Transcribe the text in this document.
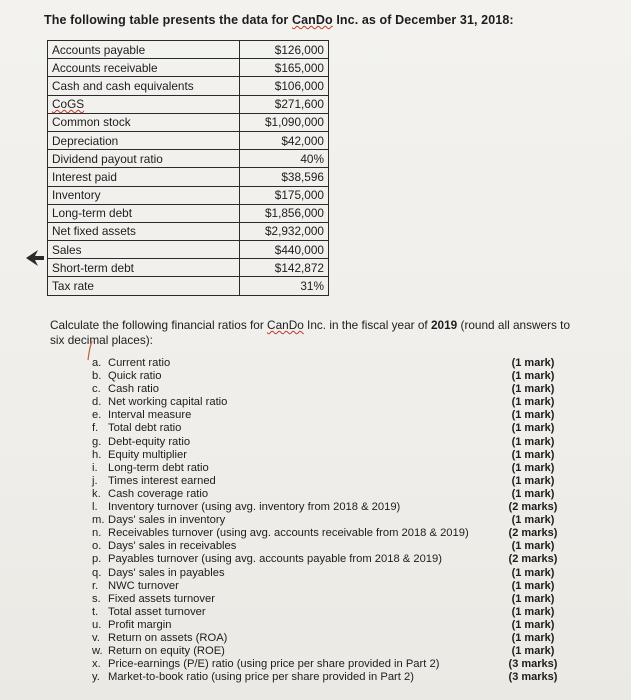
The following table presents the data for CanDo Inc. as of December 31, 2018:
Accounts payable	$126,000
Accounts receivable	$165,000
Cash and cash equivalents	$106,000
CoGS	$271,600
Common stock	$1,090,000
Depreciation	$42,000
Dividend payout ratio	40%
Interest paid	$38,596
Inventory	$175,000
Long-term debt	$1,856,000
Net fixed assets	$2,932,000
Sales	$440,000
Short-term debt	$142,872
Tax rate	31%
Calculate the following financial ratios for CanDo Inc. in the fiscal year of 2019 (round all answers to six decimal places):
a. Current ratio	(1 mark)
b. Quick ratio	(1 mark)
c. Cash ratio	(1 mark)
d. Net working capital ratio	(1 mark)
e. Interval measure	(1 mark)
f. Total debt ratio	(1 mark)
g. Debt-equity ratio	(1 mark)
h. Equity multiplier	(1 mark)
i. Long-term debt ratio	(1 mark)
j. Times interest earned	(1 mark)
k. Cash coverage ratio	(1 mark)
l. Inventory turnover (using avg. inventory from 2018 & 2019)	(2 marks)
m. Days' sales in inventory	(1 mark)
n. Receivables turnover (using avg. accounts receivable from 2018 & 2019)	(2 marks)
o. Days' sales in receivables	(1 mark)
p. Payables turnover (using avg. accounts payable from 2018 & 2019)	(2 marks)
q. Days' sales in payables	(1 mark)
r. NWC turnover	(1 mark)
s. Fixed assets turnover	(1 mark)
t. Total asset turnover	(1 mark)
u. Profit margin	(1 mark)
v. Return on assets (ROA)	(1 mark)
w. Return on equity (ROE)	(1 mark)
x. Price-earnings (P/E) ratio (using price per share provided in Part 2)	(3 marks)
y. Market-to-book ratio (using price per share provided in Part 2)	(3 marks)
